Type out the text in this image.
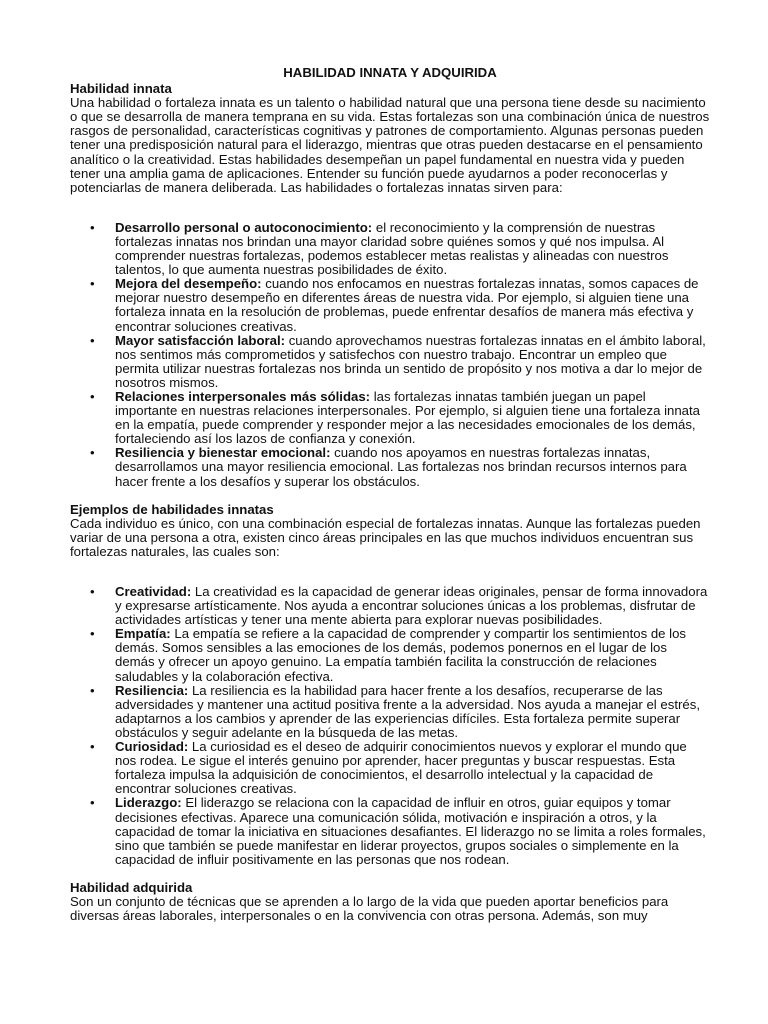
HABILIDAD INNATA Y ADQUIRIDA

Habilidad innata

Una habilidad o fortaleza innata es un talento o habilidad natural que una persona tiene desde su nacimiento o que se desarrolla de manera temprana en su vida. Estas fortalezas son una combinación única de nuestros rasgos de personalidad, características cognitivas y patrones de comportamiento. Algunas personas pueden tener una predisposición natural para el liderazgo, mientras que otras pueden destacarse en el pensamiento analítico o la creatividad. Estas habilidades desempeñan un papel fundamental en nuestra vida y pueden tener una amplia gama de aplicaciones. Entender su función puede ayudarnos a poder reconocerlas y potenciarlas de manera deliberada. Las habilidades o fortalezas innatas sirven para:

• Desarrollo personal o autoconocimiento: el reconocimiento y la comprensión de nuestras fortalezas innatas nos brindan una mayor claridad sobre quiénes somos y qué nos impulsa. Al comprender nuestras fortalezas, podemos establecer metas realistas y alineadas con nuestros talentos, lo que aumenta nuestras posibilidades de éxito.
• Mejora del desempeño: cuando nos enfocamos en nuestras fortalezas innatas, somos capaces de mejorar nuestro desempeño en diferentes áreas de nuestra vida. Por ejemplo, si alguien tiene una fortaleza innata en la resolución de problemas, puede enfrentar desafíos de manera más efectiva y encontrar soluciones creativas.
• Mayor satisfacción laboral: cuando aprovechamos nuestras fortalezas innatas en el ámbito laboral, nos sentimos más comprometidos y satisfechos con nuestro trabajo. Encontrar un empleo que permita utilizar nuestras fortalezas nos brinda un sentido de propósito y nos motiva a dar lo mejor de nosotros mismos.
• Relaciones interpersonales más sólidas: las fortalezas innatas también juegan un papel importante en nuestras relaciones interpersonales. Por ejemplo, si alguien tiene una fortaleza innata en la empatía, puede comprender y responder mejor a las necesidades emocionales de los demás, fortaleciendo así los lazos de confianza y conexión.
• Resiliencia y bienestar emocional: cuando nos apoyamos en nuestras fortalezas innatas, desarrollamos una mayor resiliencia emocional. Las fortalezas nos brindan recursos internos para hacer frente a los desafíos y superar los obstáculos.

Ejemplos de habilidades innatas

Cada individuo es único, con una combinación especial de fortalezas innatas. Aunque las fortalezas pueden variar de una persona a otra, existen cinco áreas principales en las que muchos individuos encuentran sus fortalezas naturales, las cuales son:

• Creatividad: La creatividad es la capacidad de generar ideas originales, pensar de forma innovadora y expresarse artísticamente. Nos ayuda a encontrar soluciones únicas a los problemas, disfrutar de actividades artísticas y tener una mente abierta para explorar nuevas posibilidades.
• Empatía: La empatía se refiere a la capacidad de comprender y compartir los sentimientos de los demás. Somos sensibles a las emociones de los demás, podemos ponernos en el lugar de los demás y ofrecer un apoyo genuino. La empatía también facilita la construcción de relaciones saludables y la colaboración efectiva.
• Resiliencia: La resiliencia es la habilidad para hacer frente a los desafíos, recuperarse de las adversidades y mantener una actitud positiva frente a la adversidad. Nos ayuda a manejar el estrés, adaptarnos a los cambios y aprender de las experiencias difíciles. Esta fortaleza permite superar obstáculos y seguir adelante en la búsqueda de las metas.
• Curiosidad: La curiosidad es el deseo de adquirir conocimientos nuevos y explorar el mundo que nos rodea. Le sigue el interés genuino por aprender, hacer preguntas y buscar respuestas. Esta fortaleza impulsa la adquisición de conocimientos, el desarrollo intelectual y la capacidad de encontrar soluciones creativas.
• Liderazgo: El liderazgo se relaciona con la capacidad de influir en otros, guiar equipos y tomar decisiones efectivas. Aparece una comunicación sólida, motivación e inspiración a otros, y la capacidad de tomar la iniciativa en situaciones desafiantes. El liderazgo no se limita a roles formales, sino que también se puede manifestar en liderar proyectos, grupos sociales o simplemente en la capacidad de influir positivamente en las personas que nos rodean.

Habilidad adquirida

Son un conjunto de técnicas que se aprenden a lo largo de la vida que pueden aportar beneficios para diversas áreas laborales, interpersonales o en la convivencia con otras persona. Además, son muy
